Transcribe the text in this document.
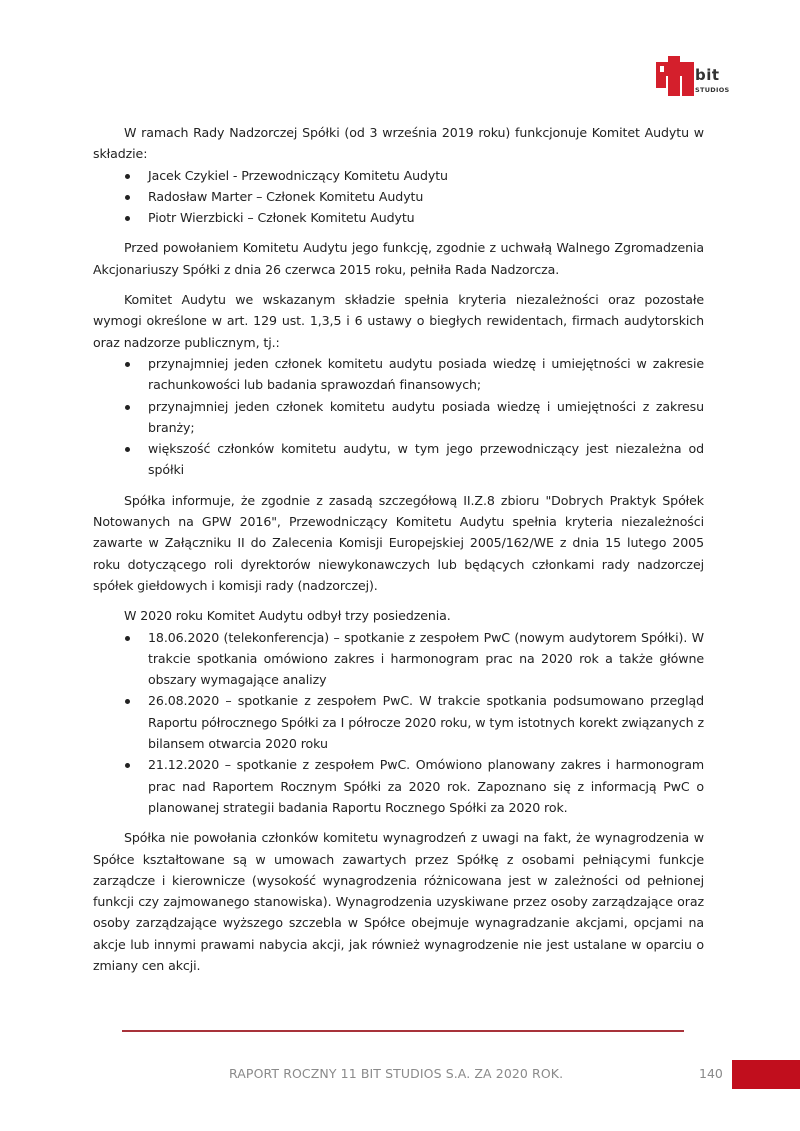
bit
STUDIOS

W ramach Rady Nadzorczej Spółki (od 3 września 2019 roku) funkcjonuje Komitet Audytu w składzie:

Jacek Czykiel - Przewodniczący Komitetu Audytu
Radosław Marter – Członek Komitetu Audytu
Piotr Wierzbicki – Członek Komitetu Audytu

Przed powołaniem Komitetu Audytu jego funkcję, zgodnie z uchwałą Walnego Zgromadzenia Akcjonariuszy Spółki z dnia 26 czerwca 2015 roku, pełniła Rada Nadzorcza.

Komitet Audytu we wskazanym składzie spełnia kryteria niezależności oraz pozostałe wymogi określone w art. 129 ust. 1,3,5 i 6 ustawy o biegłych rewidentach, firmach audytorskich oraz nadzorze publicznym, tj.:

przynajmniej jeden członek komitetu audytu posiada wiedzę i umiejętności w zakresie rachunkowości lub badania sprawozdań finansowych;
przynajmniej jeden członek komitetu audytu posiada wiedzę i umiejętności z zakresu branży;
większość członków komitetu audytu, w tym jego przewodniczący jest niezależna od spółki

Spółka informuje, że zgodnie z zasadą szczegółową II.Z.8 zbioru "Dobrych Praktyk Spółek Notowanych na GPW 2016", Przewodniczący Komitetu Audytu spełnia kryteria niezależności zawarte w Załączniku II do Zalecenia Komisji Europejskiej 2005/162/WE z dnia 15 lutego 2005 roku dotyczącego roli dyrektorów niewykonawczych lub będących członkami rady nadzorczej spółek giełdowych i komisji rady (nadzorczej).

W 2020 roku Komitet Audytu odbył trzy posiedzenia.

18.06.2020 (telekonferencja) – spotkanie z zespołem PwC (nowym audytorem Spółki). W trakcie spotkania omówiono zakres i harmonogram prac na 2020 rok a także główne obszary wymagające analizy
26.08.2020 – spotkanie z zespołem PwC. W trakcie spotkania podsumowano przegląd Raportu półrocznego Spółki za I półrocze 2020 roku, w tym istotnych korekt związanych z bilansem otwarcia 2020 roku
21.12.2020 – spotkanie z zespołem PwC. Omówiono planowany zakres i harmonogram prac nad Raportem Rocznym Spółki za 2020 rok. Zapoznano się z informacją PwC o planowanej strategii badania Raportu Rocznego Spółki za 2020 rok.

Spółka nie powołania członków komitetu wynagrodzeń z uwagi na fakt, że wynagrodzenia w Spółce kształtowane są w umowach zawartych przez Spółkę z osobami pełniącymi funkcje zarządcze i kierownicze (wysokość wynagrodzenia różnicowana jest w zależności od pełnionej funkcji czy zajmowanego stanowiska). Wynagrodzenia uzyskiwane przez osoby zarządzające oraz osoby zarządzające wyższego szczebla w Spółce obejmuje wynagradzanie akcjami, opcjami na akcje lub innymi prawami nabycia akcji, jak również wynagrodzenie nie jest ustalane w oparciu o zmiany cen akcji.

RAPORT ROCZNY 11 BIT STUDIOS S.A. ZA 2020 ROK.	140
